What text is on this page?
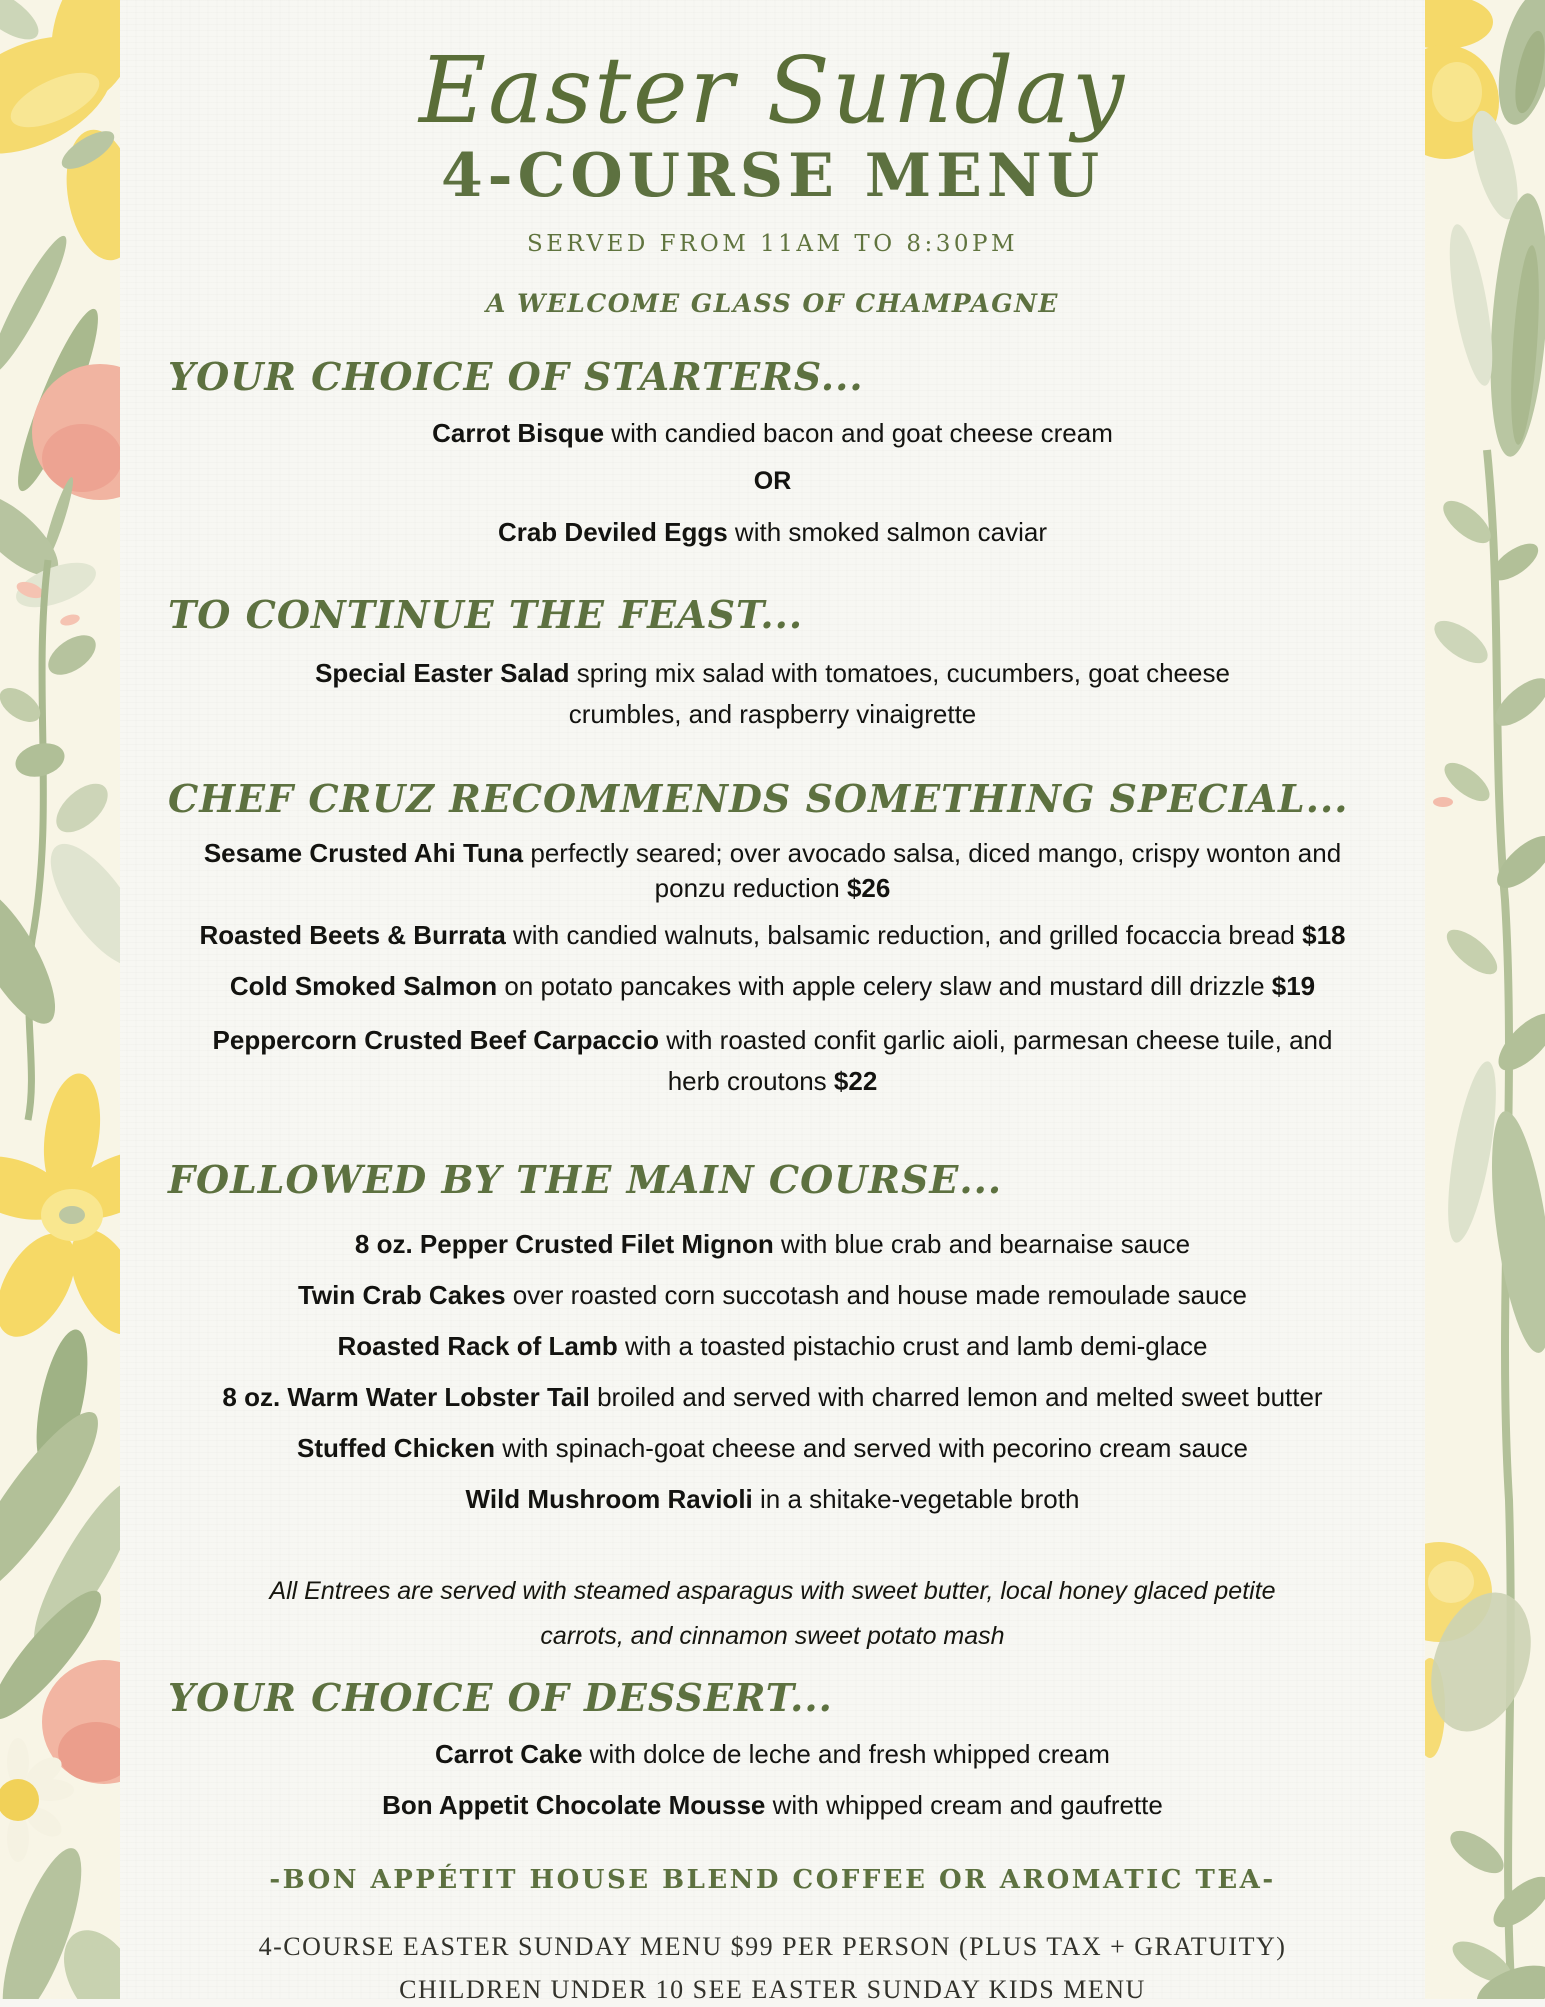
Easter Sunday
4-COURSE MENU

SERVED FROM 11AM TO 8:30PM

A WELCOME GLASS OF CHAMPAGNE

YOUR CHOICE OF STARTERS...

Carrot Bisque with candied bacon and goat cheese cream

OR

Crab Deviled Eggs with smoked salmon caviar

TO CONTINUE THE FEAST...

Special Easter Salad spring mix salad with tomatoes, cucumbers, goat cheese crumbles, and raspberry vinaigrette

CHEF CRUZ RECOMMENDS SOMETHING SPECIAL...

Sesame Crusted Ahi Tuna perfectly seared; over avocado salsa, diced mango, crispy wonton and ponzu reduction $26

Roasted Beets & Burrata with candied walnuts, balsamic reduction, and grilled focaccia bread $18

Cold Smoked Salmon on potato pancakes with apple celery slaw and mustard dill drizzle $19

Peppercorn Crusted Beef Carpaccio with roasted confit garlic aioli, parmesan cheese tuile, and herb croutons $22

FOLLOWED BY THE MAIN COURSE...

8 oz. Pepper Crusted Filet Mignon with blue crab and bearnaise sauce

Twin Crab Cakes over roasted corn succotash and house made remoulade sauce

Roasted Rack of Lamb with a toasted pistachio crust and lamb demi-glace

8 oz. Warm Water Lobster Tail broiled and served with charred lemon and melted sweet butter

Stuffed Chicken with spinach-goat cheese and served with pecorino cream sauce

Wild Mushroom Ravioli in a shitake-vegetable broth

All Entrees are served with steamed asparagus with sweet butter, local honey glaced petite carrots, and cinnamon sweet potato mash

YOUR CHOICE OF DESSERT...

Carrot Cake with dolce de leche and fresh whipped cream

Bon Appetit Chocolate Mousse with whipped cream and gaufrette

-BON APPÉTIT HOUSE BLEND COFFEE OR AROMATIC TEA-

4-COURSE EASTER SUNDAY MENU $99 PER PERSON (PLUS TAX + GRATUITY)

CHILDREN UNDER 10 SEE EASTER SUNDAY KIDS MENU
